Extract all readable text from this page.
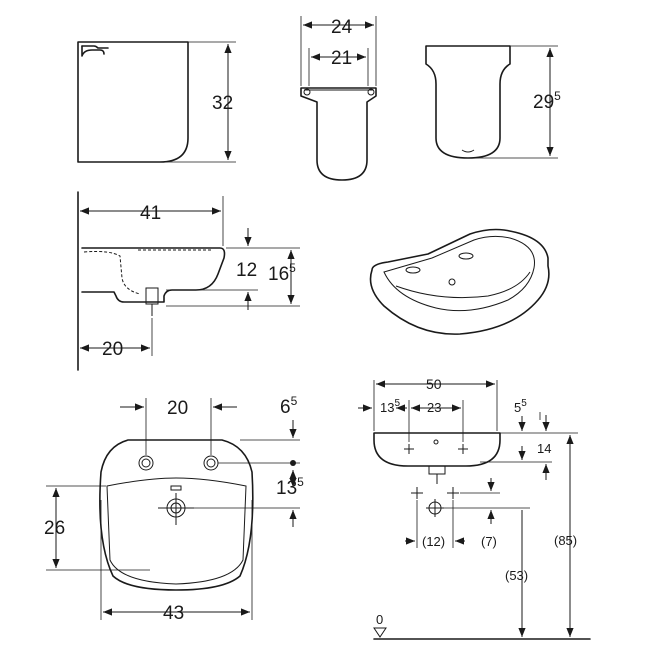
32
24
21
$29^5$
41
12 $16^5$
20
20	$6^5$
$13^5$
26
43
50
$13^5$ 23	$5^5$
14
(12)	(7)
(53)
(85)
0
